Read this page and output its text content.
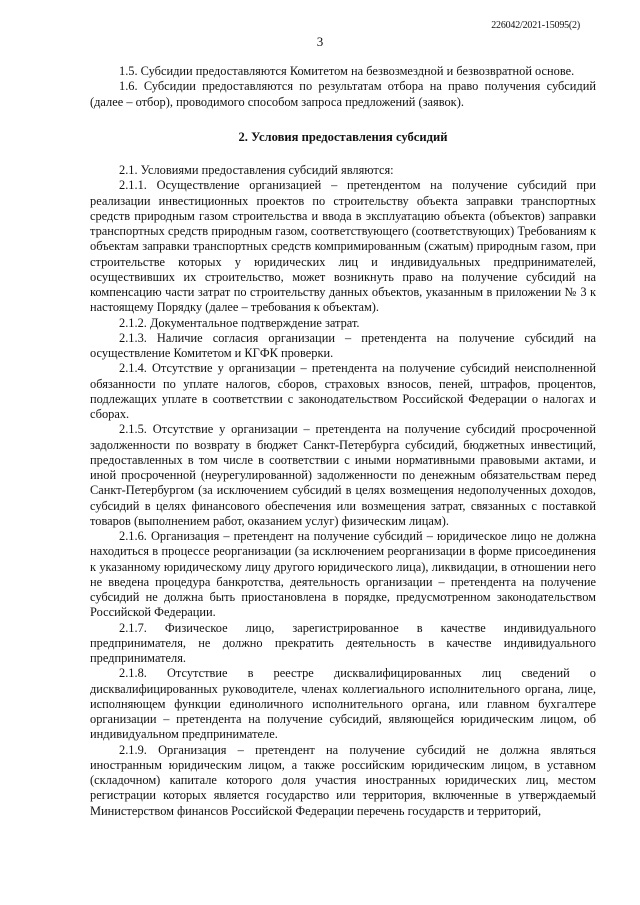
226042/2021-15095(2)
3

1.5. Субсидии предоставляются Комитетом на безвозмездной и безвозвратной основе.

1.6. Субсидии предоставляются по результатам отбора на право получения субсидий (далее – отбор), проводимого способом запроса предложений (заявок).

2. Условия предоставления субсидий

2.1. Условиями предоставления субсидий являются:

2.1.1. Осуществление организацией – претендентом на получение субсидий при реализации инвестиционных проектов по строительству объекта заправки транспортных средств природным газом строительства и ввода в эксплуатацию объекта (объектов) заправки транспортных средств природным газом, соответствующего (соответствующих) Требованиям к объектам заправки транспортных средств компримированным (сжатым) природным газом, при строительстве которых у юридических лиц и индивидуальных предпринимателей, осуществивших их строительство, может возникнуть право на получение субсидий на компенсацию части затрат по строительству данных объектов, указанным в приложении № 3 к настоящему Порядку (далее – требования к объектам).

2.1.2. Документальное подтверждение затрат.

2.1.3. Наличие согласия организации – претендента на получение субсидий на осуществление Комитетом и КГФК проверки.

2.1.4. Отсутствие у организации – претендента на получение субсидий неисполненной обязанности по уплате налогов, сборов, страховых взносов, пеней, штрафов, процентов, подлежащих уплате в соответствии с законодательством Российской Федерации о налогах и сборах.

2.1.5. Отсутствие у организации – претендента на получение субсидий просроченной задолженности по возврату в бюджет Санкт-Петербурга субсидий, бюджетных инвестиций, предоставленных в том числе в соответствии с иными нормативными правовыми актами, и иной просроченной (неурегулированной) задолженности по денежным обязательствам перед Санкт-Петербургом (за исключением субсидий в целях возмещения недополученных доходов, субсидий в целях финансового обеспечения или возмещения затрат, связанных с поставкой товаров (выполнением работ, оказанием услуг) физическим лицам).

2.1.6. Организация – претендент на получение субсидий – юридическое лицо не должна находиться в процессе реорганизации (за исключением реорганизации в форме присоединения к указанному юридическому лицу другого юридического лица), ликвидации, в отношении него не введена процедура банкротства, деятельность организации – претендента на получение субсидий не должна быть приостановлена в порядке, предусмотренном законодательством Российской Федерации.

2.1.7. Физическое лицо, зарегистрированное в качестве индивидуального предпринимателя, не должно прекратить деятельность в качестве индивидуального предпринимателя.

2.1.8. Отсутствие в реестре дисквалифицированных лиц сведений о дисквалифицированных руководителе, членах коллегиального исполнительного органа, лице, исполняющем функции единоличного исполнительного органа, или главном бухгалтере организации – претендента на получение субсидий, являющейся юридическим лицом, об индивидуальном предпринимателе.

2.1.9. Организация – претендент на получение субсидий не должна являться иностранным юридическим лицом, а также российским юридическим лицом, в уставном (складочном) капитале которого доля участия иностранных юридических лиц, местом регистрации которых является государство или территория, включенные в утверждаемый Министерством финансов Российской Федерации перечень государств и территорий,
